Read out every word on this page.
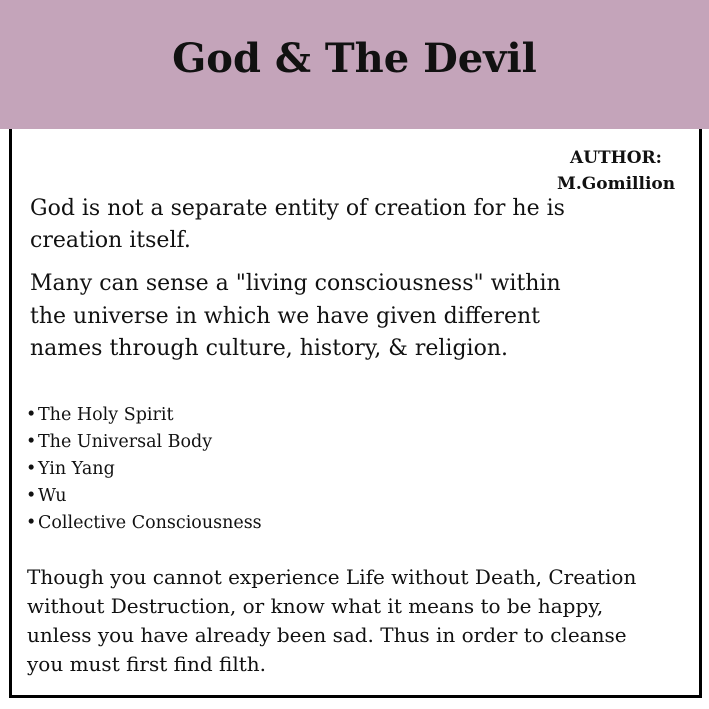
God & The Devil
AUTHOR:
M.Gomillion

God is not a separate entity of creation for he is creation itself.

Many can sense a "living consciousness" within the universe in which we have given different names through culture, history, & religion.

•The Holy Spirit
•The Universal Body
•Yin Yang
•Wu
•Collective Consciousness

Though you cannot experience Life without Death, Creation without Destruction, or know what it means to be happy, unless you have already been sad. Thus in order to cleanse you must first find filth.
